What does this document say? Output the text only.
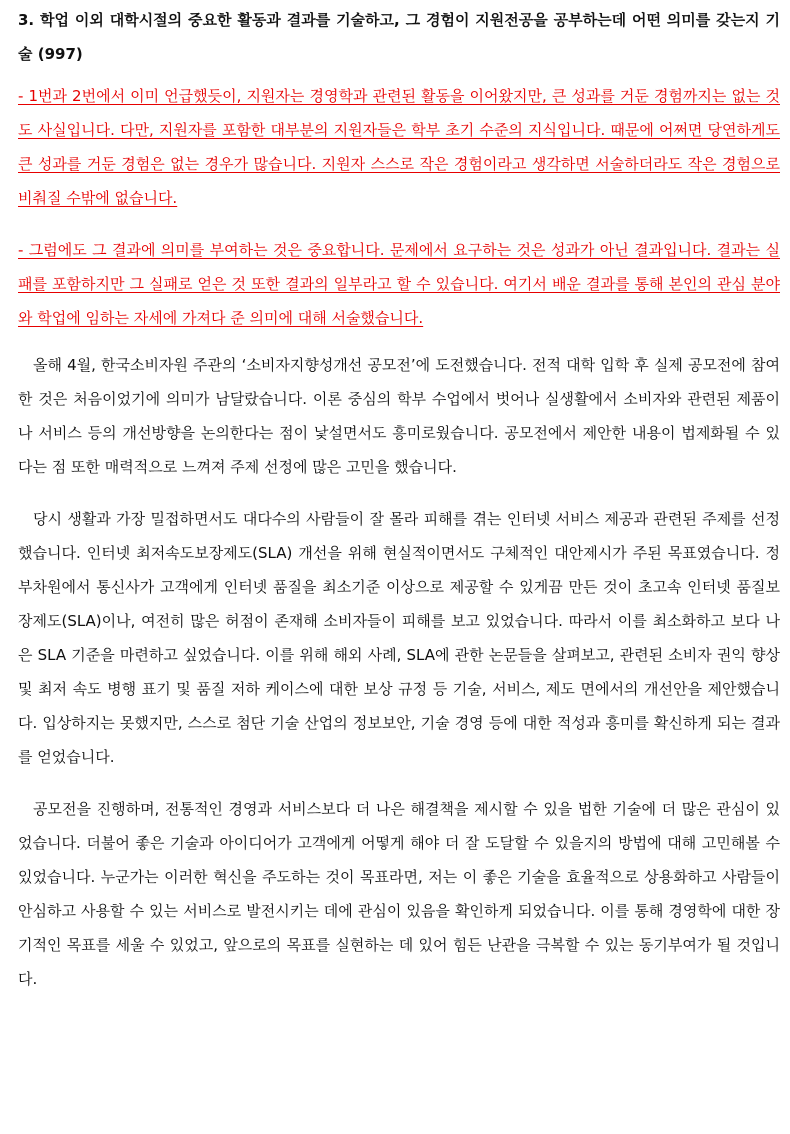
3. 학업 이외 대학시절의 중요한 활동과 결과를 기술하고, 그 경험이 지원전공을 공부하는데 어떤 의미를 갖는지 기술 (997)

- 1번과 2번에서 이미 언급했듯이, 지원자는 경영학과 관련된 활동을 이어왔지만, 큰 성과를 거둔 경험까지는 없는 것도 사실입니다. 다만, 지원자를 포함한 대부분의 지원자들은 학부 초기 수준의 지식입니다. 때문에 어쩌면 당연하게도 큰 성과를 거둔 경험은 없는 경우가 많습니다. 지원자 스스로 작은 경험이라고 생각하면 서술하더라도 작은 경험으로 비춰질 수밖에 없습니다.

- 그럼에도 그 결과에 의미를 부여하는 것은 중요합니다. 문제에서 요구하는 것은 성과가 아닌 결과입니다. 결과는 실패를 포함하지만 그 실패로 얻은 것 또한 결과의 일부라고 할 수 있습니다. 여기서 배운 결과를 통해 본인의 관심 분야와 학업에 임하는 자세에 가져다 준 의미에 대해 서술했습니다.

올해 4월, 한국소비자원 주관의 ‘소비자지향성개선 공모전’에 도전했습니다. 전적 대학 입학 후 실제 공모전에 참여한 것은 처음이었기에 의미가 남달랐습니다. 이론 중심의 학부 수업에서 벗어나 실생활에서 소비자와 관련된 제품이나 서비스 등의 개선방향을 논의한다는 점이 낯설면서도 흥미로웠습니다. 공모전에서 제안한 내용이 법제화될 수 있다는 점 또한 매력적으로 느껴져 주제 선정에 많은 고민을 했습니다.

당시 생활과 가장 밀접하면서도 대다수의 사람들이 잘 몰라 피해를 겪는 인터넷 서비스 제공과 관련된 주제를 선정했습니다. 인터넷 최저속도보장제도(SLA) 개선을 위해 현실적이면서도 구체적인 대안제시가 주된 목표였습니다. 정부차원에서 통신사가 고객에게 인터넷 품질을 최소기준 이상으로 제공할 수 있게끔 만든 것이 초고속 인터넷 품질보장제도(SLA)이나, 여전히 많은 허점이 존재해 소비자들이 피해를 보고 있었습니다. 따라서 이를 최소화하고 보다 나은 SLA 기준을 마련하고 싶었습니다. 이를 위해 해외 사례, SLA에 관한 논문들을 살펴보고, 관련된 소비자 권익 향상 및 최저 속도 병행 표기 및 품질 저하 케이스에 대한 보상 규정 등 기술, 서비스, 제도 면에서의 개선안을 제안했습니다. 입상하지는 못했지만, 스스로 첨단 기술 산업의 정보보안, 기술 경영 등에 대한 적성과 흥미를 확신하게 되는 결과를 얻었습니다.

공모전을 진행하며, 전통적인 경영과 서비스보다 더 나은 해결책을 제시할 수 있을 법한 기술에 더 많은 관심이 있었습니다. 더불어 좋은 기술과 아이디어가 고객에게 어떻게 해야 더 잘 도달할 수 있을지의 방법에 대해 고민해볼 수 있었습니다. 누군가는 이러한 혁신을 주도하는 것이 목표라면, 저는 이 좋은 기술을 효율적으로 상용화하고 사람들이 안심하고 사용할 수 있는 서비스로 발전시키는 데에 관심이 있음을 확인하게 되었습니다. 이를 통해 경영학에 대한 장기적인 목표를 세울 수 있었고, 앞으로의 목표를 실현하는 데 있어 힘든 난관을 극복할 수 있는 동기부여가 될 것입니다.
